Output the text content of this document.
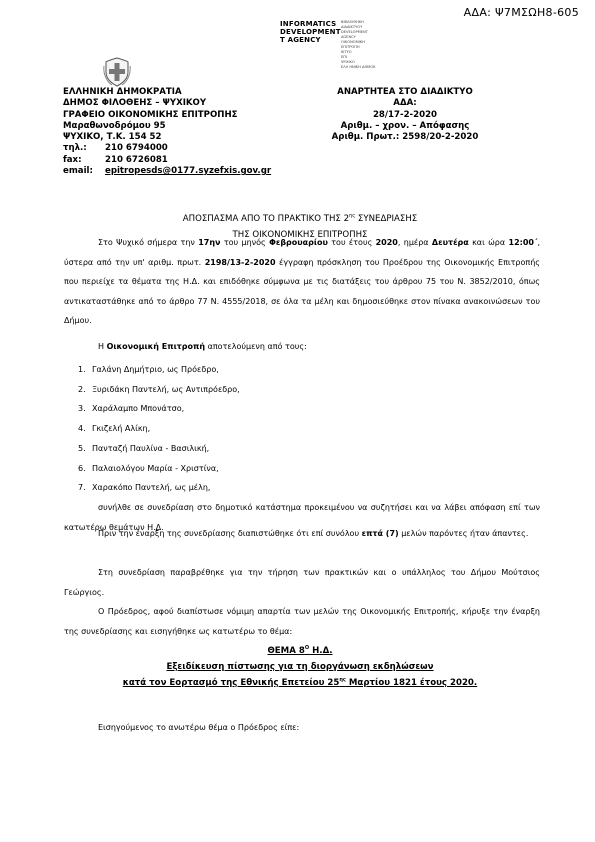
ΑΔΑ: Ψ7ΜΣΩΗ8-605
INFORMATICS
DEVELOPMENT
T AGENCY
ΒΙΒΛΙΟΘΗΚΗ
ΔΙΑΔΙΚΤΥΟΥ
DEVELOPMENT AGENCY
ΟΙΚΟΝΟΜΙΚΗ ΕΠΙΤΡΟΠΗ
ΙΚΤΥΟ
ΕΠΙ
ΨΥΧΙΚΟ
ΕΛΛ ΗΝΙΚΗ ΔΗΜΟΚ
ΕΛΛΗΝΙΚΗ ΔΗΜΟΚΡΑΤΙΑ
ΔΗΜΟΣ ΦΙΛΟΘΕΗΣ – ΨΥΧΙΚΟΥ
ΓΡΑΦΕΙΟ ΟΙΚΟΝΟΜΙΚΗΣ ΕΠΙΤΡΟΠΗΣ
Μαραθωνοδρόμου 95
ΨΥΧΙΚΟ, Τ.Κ. 154 52
τηλ.: 210 6794000
fax:	210 6726081
email: epitropesds@0177.syzefxis.gov.gr
ΑΝΑΡΤΗΤΕΑ ΣΤΟ ΔΙΑΔΙΚΤΥΟ
ΑΔΑ:
28/17-2-2020
Αριθμ. – χρον. – Απόφασης
Αριθμ. Πρωτ.: 2598/20-2-2020
ΑΠΟΣΠΑΣΜΑ ΑΠΟ ΤΟ ΠΡΑΚΤΙΚΟ ΤΗΣ $2^{\eta\varsigma}$ ΣΥΝΕΔΡΙΑΣΗΣ
ΤΗΣ ΟΙΚΟΝΟΜΙΚΗΣ ΕΠΙΤΡΟΠΗΣ
Στο Ψυχικό σήμερα την 17ην του μηνός Φεβρουαρίου του έτους 2020, ημέρα Δευτέρα και ώρα 12:00΄, ύστερα από την υπ' αριθμ. πρωτ. 2198/13-2-2020 έγγραφη πρόσκληση του Προέδρου της Οικονομικής Επιτροπής που περιείχε τα θέματα της Η.Δ. και επιδόθηκε σύμφωνα με τις διατάξεις του άρθρου 75 του Ν. 3852/2010, όπως αντικαταστάθηκε από το άρθρο 77 Ν. 4555/2018, σε όλα τα μέλη και δημοσιεύθηκε στον πίνακα ανακοινώσεων του Δήμου.
Η Οικονομική Επιτροπή αποτελούμενη από τους:
1. Γαλάνη Δημήτριο, ως Πρόεδρο,
2. Ξυριδάκη Παντελή, ως Αντιπρόεδρο,
3. Χαράλαμπο Μπονάτσο,
4. Γκιζελή Αλίκη,
5. Πανταζή Παυλίνα - Βασιλική,
6. Παλαιολόγου Μαρία - Χριστίνα,
7. Χαρακόπο Παντελή, ως μέλη,
συνήλθε σε συνεδρίαση στο δημοτικό κατάστημα προκειμένου να συζητήσει και να λάβει απόφαση επί των κατωτέρω θεμάτων Η.Δ.
Πριν την έναρξη της συνεδρίασης διαπιστώθηκε ότι επί συνόλου επτά (7) μελών παρόντες ήταν άπαντες.
Στη συνεδρίαση παραβρέθηκε για την τήρηση των πρακτικών και ο υπάλληλος του Δήμου Μούτσιος Γεώργιος.
Ο Πρόεδρος, αφού διαπίστωσε νόμιμη απαρτία των μελών της Οικονομικής Επιτροπής, κήρυξε την έναρξη της συνεδρίασης και εισηγήθηκε ως κατωτέρω το θέμα:
ΘΕΜΑ $8^O$ Η.Δ.
Εξειδίκευση πίστωσης για τη διοργάνωση εκδηλώσεων
κατά τον Εορτασμό της Εθνικής Επετείου $25^{\eta\varsigma}$ Μαρτίου 1821 έτους 2020.
Εισηγούμενος το ανωτέρω θέμα ο Πρόεδρος είπε:
